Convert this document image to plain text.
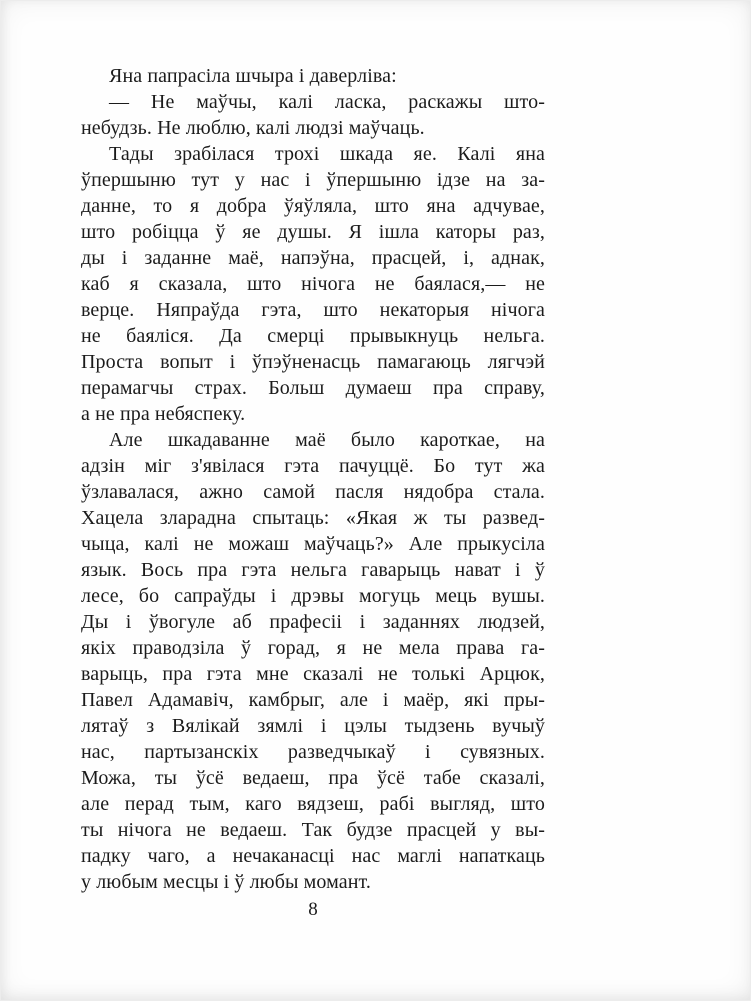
Яна папрасіла шчыра і даверліва:
— Не маўчы, калі ласка, раскажы што-
небудзь. Не люблю, калі людзі маўчаць.
Тады зрабілася трохі шкада яе. Калі яна
ўпершыню тут у нас і ўпершыню ідзе на за-
данне, то я добра ўяўляла, што яна адчувае,
што робіцца ў яе душы. Я ішла каторы раз,
ды і заданне маё, напэўна, прасцей, і, аднак,
каб я сказала, што нічога не баялася,— не
верце. Няпраўда гэта, што некаторыя нічога
не баяліся. Да смерці прывыкнуць нельга.
Проста вопыт і ўпэўненасць памагаюць лягчэй
перамагчы страх. Больш думаеш пра справу,
а не пра небяспеку.
Але шкадаванне маё было кароткае, на
адзін міг з'явілася гэта пачуццё. Бо тут жа
ўзлавалася, ажно самой пасля нядобра стала.
Хацела зларадна спытаць: «Якая ж ты развед-
чыца, калі не можаш маўчаць?» Але прыкусіла
язык. Вось пра гэта нельга гаварыць нават і ў
лесе, бо сапраўды і дрэвы могуць мець вушы.
Ды і ўвогуле аб прафесіі і заданнях людзей,
якіх праводзіла ў горад, я не мела права га-
варыць, пра гэта мне сказалі не толькі Арцюк,
Павел Адамавіч, камбрыг, але і маёр, які пры-
лятаў з Вялікай зямлі і цэлы тыдзень вучыў
нас, партызанскіх разведчыкаў і сувязных.
Можа, ты ўсё ведаеш, пра ўсё табе сказалі,
але перад тым, каго вядзеш, рабі выгляд, што
ты нічога не ведаеш. Так будзе прасцей у вы-
падку чаго, а нечаканасці нас маглі напаткаць
у любым месцы і ў любы момант.
8
